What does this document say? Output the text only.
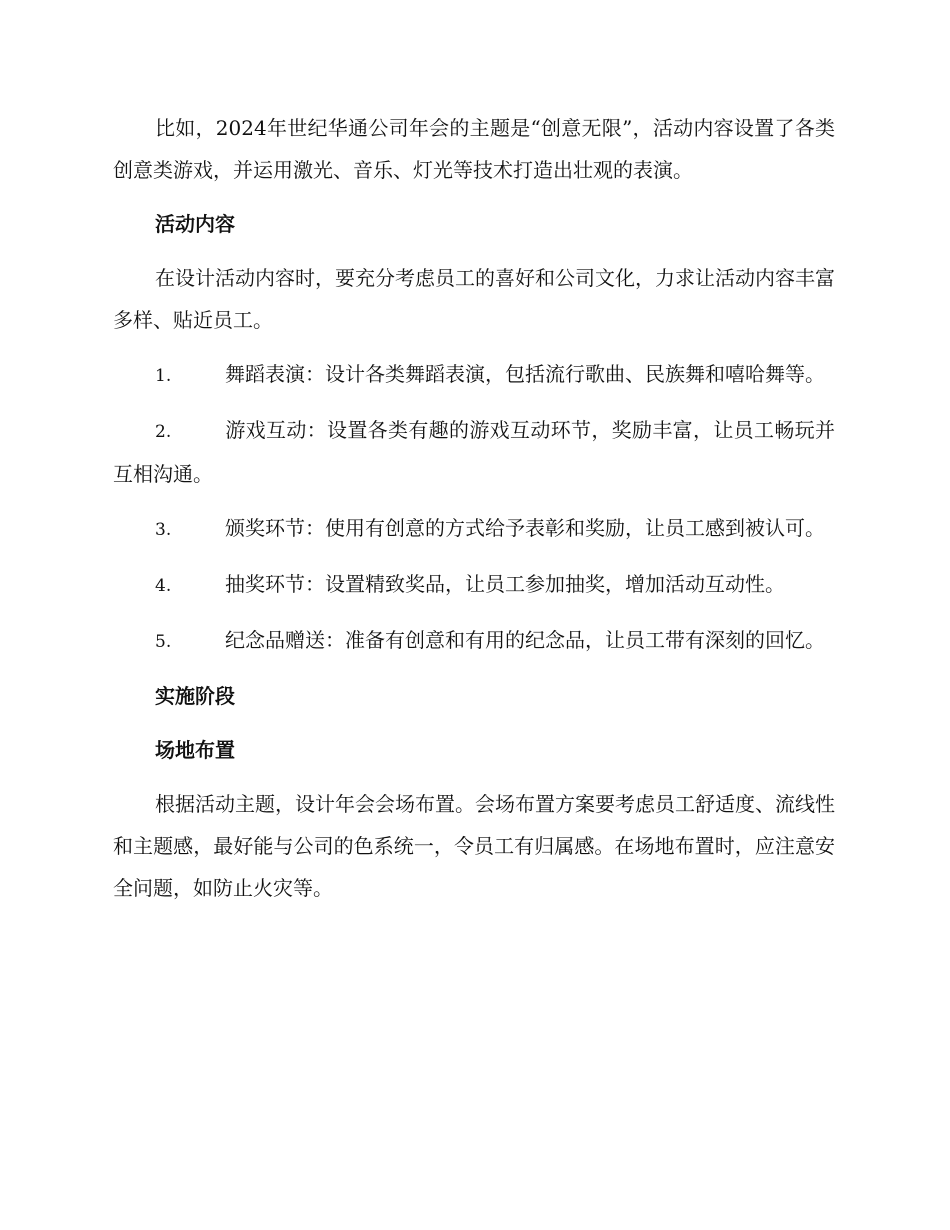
比如，2024年世纪华通公司年会的主题是“创意无限”，活动内容设置了各类创意类游戏，并运用激光、音乐、灯光等技术打造出壮观的表演。

活动内容

在设计活动内容时，要充分考虑员工的喜好和公司文化，力求让活动内容丰富多样、贴近员工。

1.	舞蹈表演：设计各类舞蹈表演，包括流行歌曲、民族舞和嘻哈舞等。
2.	游戏互动：设置各类有趣的游戏互动环节，奖励丰富，让员工畅玩并互相沟通。
3.	颁奖环节：使用有创意的方式给予表彰和奖励，让员工感到被认可。
4.	抽奖环节：设置精致奖品，让员工参加抽奖，增加活动互动性。
5.	纪念品赠送：准备有创意和有用的纪念品，让员工带有深刻的回忆。
实施阶段
场地布置

根据活动主题，设计年会会场布置。会场布置方案要考虑员工舒适度、流线性和主题感，最好能与公司的色系统一，令员工有归属感。在场地布置时，应注意安全问题，如防止火灾等。
